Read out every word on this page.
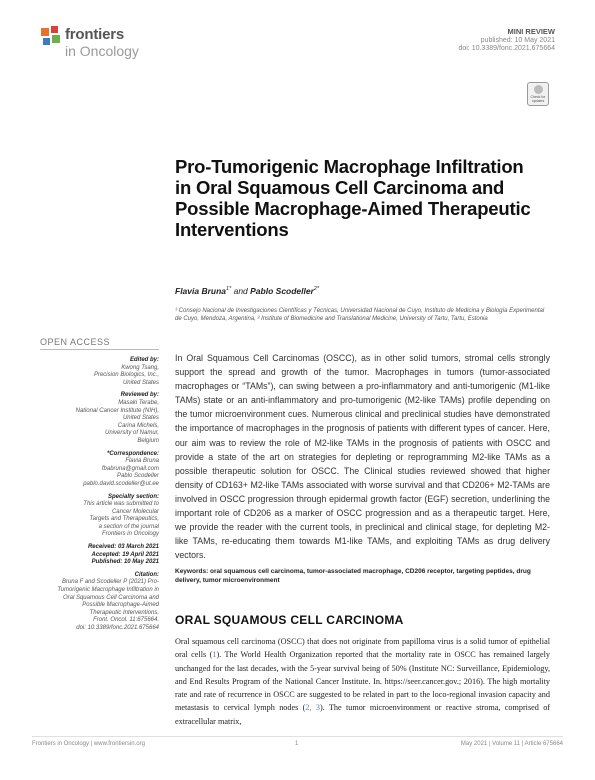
frontiers
in Oncology
MINI REVIEW
published: 10 May 2021
doi: 10.3389/fonc.2021.675664
Check for updates
Pro-Tumorigenic Macrophage Infiltration in Oral Squamous Cell Carcinoma and Possible Macrophage-Aimed Therapeutic Interventions
Flavia Bruna$^{1*}$ and Pablo Scodeller$^{2*}$
¹ Consejo Nacional de Investigaciones Científicas y Técnicas, Universidad Nacional de Cuyo, Instituto de Medicina y Biología Experimental de Cuyo, Mendoza, Argentina, ² Institute of Biomedicine and Translational Medicine, University of Tartu, Tartu, Estonia
OPEN ACCESS
Edited by:
Kwong Tsang,
Precision Biologics, Inc.,
United States
Reviewed by:
Masaki Terabe,
National Cancer Institute (NIH),
United States
Carina Michels,
University of Namur,
Belgium
*Correspondence:
Flavia Bruna
fbabruna@gmail.com
Pablo Scodeller
pablo.david.scodeller@ut.ee
Specialty section:
This article was submitted to
Cancer Molecular
Targets and Therapeutics,
a section of the journal
Frontiers in Oncology
Received: 03 March 2021
Accepted: 19 April 2021
Published: 10 May 2021
Citation:
Bruna F and Scodeller P (2021) Pro-
Tumorigenic Macrophage Infiltration in
Oral Squamous Cell Carcinoma and
Possible Macrophage-Aimed
Therapeutic Interventions.
Front. Oncol. 11:675664.
doi: 10.3389/fonc.2021.675664
In Oral Squamous Cell Carcinomas (OSCC), as in other solid tumors, stromal cells strongly support the spread and growth of the tumor. Macrophages in tumors (tumor-associated macrophages or “TAMs”), can swing between a pro-inflammatory and anti-tumorigenic (M1-like TAMs) state or an anti-inflammatory and pro-tumorigenic (M2-like TAMs) profile depending on the tumor microenvironment cues. Numerous clinical and preclinical studies have demonstrated the importance of macrophages in the prognosis of patients with different types of cancer. Here, our aim was to review the role of M2-like TAMs in the prognosis of patients with OSCC and provide a state of the art on strategies for depleting or reprogramming M2-like TAMs as a possible therapeutic solution for OSCC. The Clinical studies reviewed showed that higher density of CD163+ M2-like TAMs associated with worse survival and that CD206+ M2-TAMs are involved in OSCC progression through epidermal growth factor (EGF) secretion, underlining the important role of CD206 as a marker of OSCC progression and as a therapeutic target. Here, we provide the reader with the current tools, in preclinical and clinical stage, for depleting M2-like TAMs, re-educating them towards M1-like TAMs, and exploiting TAMs as drug delivery vectors.
Keywords: oral squamous cell carcinoma, tumor-associated macrophage, CD206 receptor, targeting peptides, drug delivery, tumor microenvironment
ORAL SQUAMOUS CELL CARCINOMA
Oral squamous cell carcinoma (OSCC) that does not originate from papilloma virus is a solid tumor of epithelial oral cells (1). The World Health Organization reported that the mortality rate in OSCC has remained largely unchanged for the last decades, with the 5-year survival being of 50% (Institute NC: Surveillance, Epidemiology, and End Results Program of the National Cancer Institute. In. https://seer.cancer.gov.; 2016). The high mortality rate and rate of recurrence in OSCC are suggested to be related in part to the loco-regional invasion capacity and metastasis to cervical lymph nodes (2, 3). The tumor microenvironment or reactive stroma, comprised of extracellular matrix,
Frontiers in Oncology | www.frontiersin.org	1	May 2021 | Volume 11 | Article 675664
